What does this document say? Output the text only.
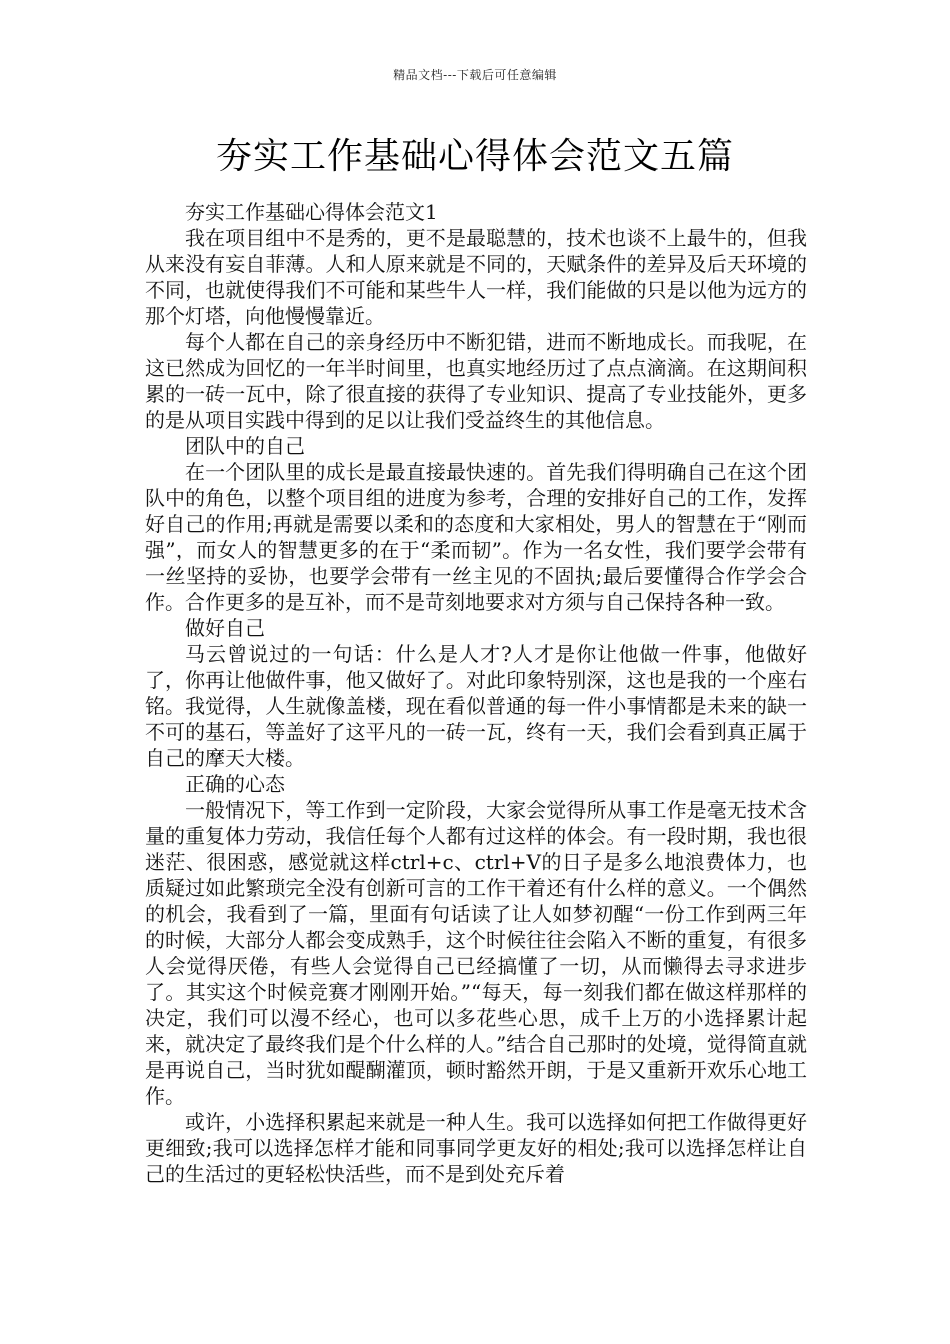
精品文档---下载后可任意编辑
夯实工作基础心得体会范文五篇

夯实工作基础心得体会范文1

我在项目组中不是秀的，更不是最聪慧的，技术也谈不上最牛的，但我从来没有妄自菲薄。人和人原来就是不同的，天赋条件的差异及后天环境的不同，也就使得我们不可能和某些牛人一样，我们能做的只是以他为远方的那个灯塔，向他慢慢靠近。

每个人都在自己的亲身经历中不断犯错，进而不断地成长。而我呢，在这已然成为回忆的一年半时间里，也真实地经历过了点点滴滴。在这期间积累的一砖一瓦中，除了很直接的获得了专业知识、提高了专业技能外，更多的是从项目实践中得到的足以让我们受益终生的其他信息。

团队中的自己

在一个团队里的成长是最直接最快速的。首先我们得明确自己在这个团队中的角色，以整个项目组的进度为参考，合理的安排好自己的工作，发挥好自己的作用;再就是需要以柔和的态度和大家相处，男人的智慧在于“刚而强”，而女人的智慧更多的在于“柔而韧”。作为一名女性，我们要学会带有一丝坚持的妥协，也要学会带有一丝主见的不固执;最后要懂得合作学会合作。合作更多的是互补，而不是苛刻地要求对方须与自己保持各种一致。

做好自己

马云曾说过的一句话：什么是人才?人才是你让他做一件事，他做好了，你再让他做件事，他又做好了。对此印象特别深，这也是我的一个座右铭。我觉得，人生就像盖楼，现在看似普通的每一件小事情都是未来的缺一不可的基石，等盖好了这平凡的一砖一瓦，终有一天，我们会看到真正属于自己的摩天大楼。

正确的心态

一般情况下，等工作到一定阶段，大家会觉得所从事工作是毫无技术含量的重复体力劳动，我信任每个人都有过这样的体会。有一段时期，我也很迷茫、很困惑，感觉就这样ctrl+c、ctrl+V的日子是多么地浪费体力，也质疑过如此繁琐完全没有创新可言的工作干着还有什么样的意义。一个偶然的机会，我看到了一篇，里面有句话读了让人如梦初醒“一份工作到两三年的时候，大部分人都会变成熟手，这个时候往往会陷入不断的重复，有很多人会觉得厌倦，有些人会觉得自己已经搞懂了一切，从而懒得去寻求进步了。其实这个时候竞赛才刚刚开始。”“每天，每一刻我们都在做这样那样的决定，我们可以漫不经心，也可以多花些心思，成千上万的小选择累计起来，就决定了最终我们是个什么样的人。”结合自己那时的处境，觉得简直就是再说自己，当时犹如醍醐灌顶，顿时豁然开朗，于是又重新开欢乐心地工作。

或许，小选择积累起来就是一种人生。我可以选择如何把工作做得更好更细致;我可以选择怎样才能和同事同学更友好的相处;我可以选择怎样让自己的生活过的更轻松快活些，而不是到处充斥着
